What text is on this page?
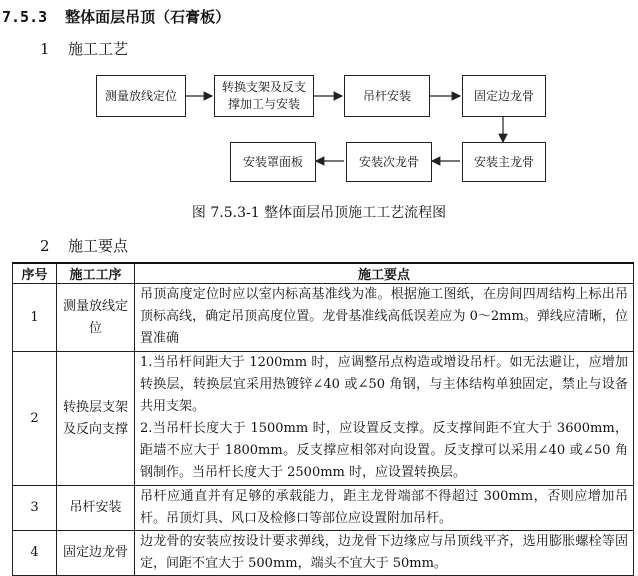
7.5.3 整体面层吊顶（石膏板）
1 施工工艺
测量放线定位
转换支架及反支撑加工与安装
吊杆安装	固定边龙骨
安装主龙骨
安装次龙骨
安装罩面板
图 7.5.3-1 整体面层吊顶施工工艺流程图
2 施工要点
序号	施工工序	施工要点
1	测量放线定位	吊顶高度定位时应以室内标高基准线为准。根据施工图纸，在房间四周结构上标出吊顶标高线，确定吊顶高度位置。龙骨基准线高低误差应为 0～2mm。弹线应清晰，位置准确

2	转换层支架及反向支撑	1.当吊杆间距大于 1200mm 时，应调整吊点构造或增设吊杆。如无法避让，应增加转换层，转换层宜采用热镀锌∠40 或∠50 角钢，与主体结构单独固定，禁止与设备共用支架。
2.当吊杆长度大于 1500mm 时，应设置反支撑。反支撑间距不宜大于 3600mm，距墙不应大于 1800mm。反支撑应相邻对向设置。反支撑可以采用∠40 或∠50 角钢制作。当吊杆长度大于 2500mm 时，应设置转换层。

3	吊杆安装	吊杆应通直并有足够的承载能力，距主龙骨端部不得超过 300mm，否则应增加吊杆。吊顶灯具、风口及检修口等部位应设置附加吊杆。

4	固定边龙骨	边龙骨的安装应按设计要求弹线，边龙骨下边缘应与吊顶线平齐，选用膨胀螺栓等固定，间距不宜大于 500mm，端头不宜大于 50mm。
